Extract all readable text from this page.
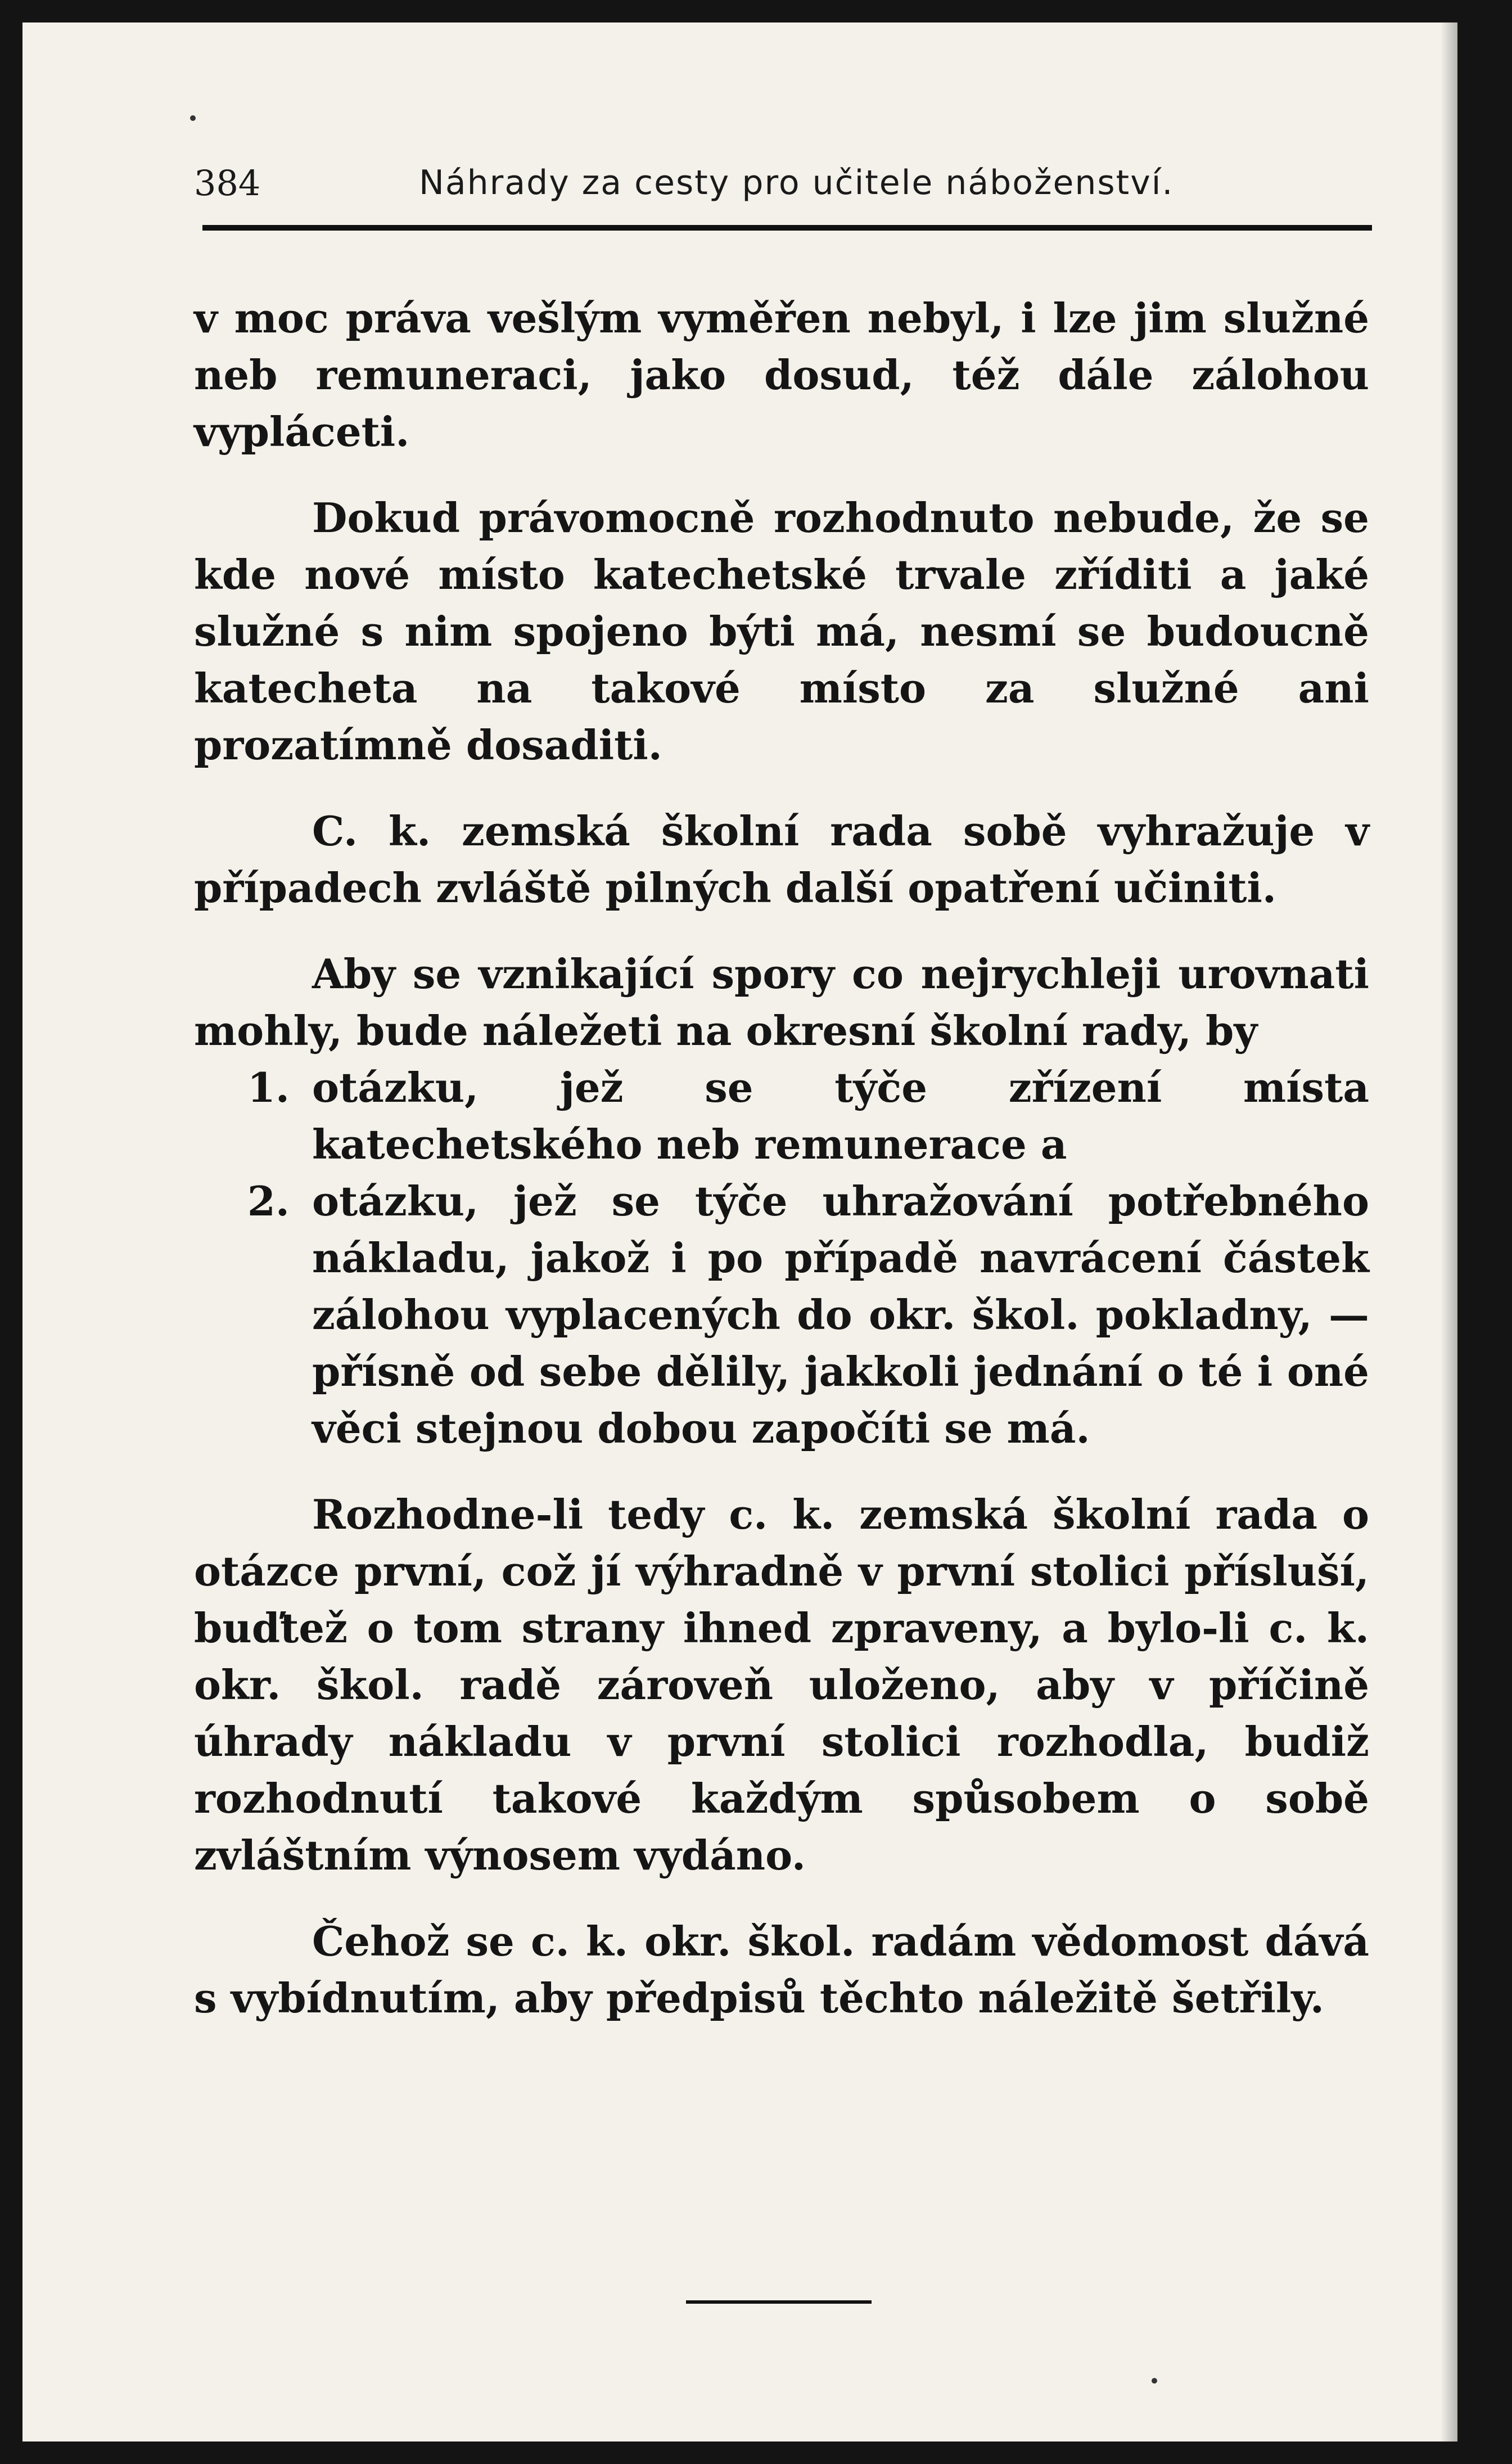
384	Náhrady za cesty pro učitele náboženství.

v moc práva vešlým vyměřen nebyl, i lze jim služné neb remuneraci, jako dosud, též dále zálohou vypláceti.

Dokud právomocně rozhodnuto nebude, že se kde nové místo katechetské trvale zříditi a jaké služné s nim spojeno býti má, nesmí se budoucně katecheta na takové místo za služné ani prozatímně dosaditi.

C. k. zemská školní rada sobě vyhražuje v případech zvláště pilných další opatření učiniti.

Aby se vznikající spory co nejrychleji urovnati mohly, bude náležeti na okresní školní rady, by

1. otázku, jež se týče zřízení místa katechetského neb remunerace a
2. otázku, jež se týče uhražování potřebného nákladu, jakož i po případě navrácení částek zálohou vyplacených do okr. škol. pokladny, — přísně od sebe dělily, jakkoli jednání o té i oné věci stejnou dobou započíti se má.

Rozhodne-li tedy c. k. zemská školní rada o otázce první, což jí výhradně v první stolici přísluší, buďtež o tom strany ihned zpraveny, a bylo-li c. k. okr. škol. radě zároveň uloženo, aby v příčině úhrady nákladu v první stolici rozhodla, budiž rozhodnutí takové každým spůsobem o sobě zvláštním výnosem vydáno.

Čehož se c. k. okr. škol. radám vědomost dává s vybídnutím, aby předpisů těchto náležitě šetřily.
